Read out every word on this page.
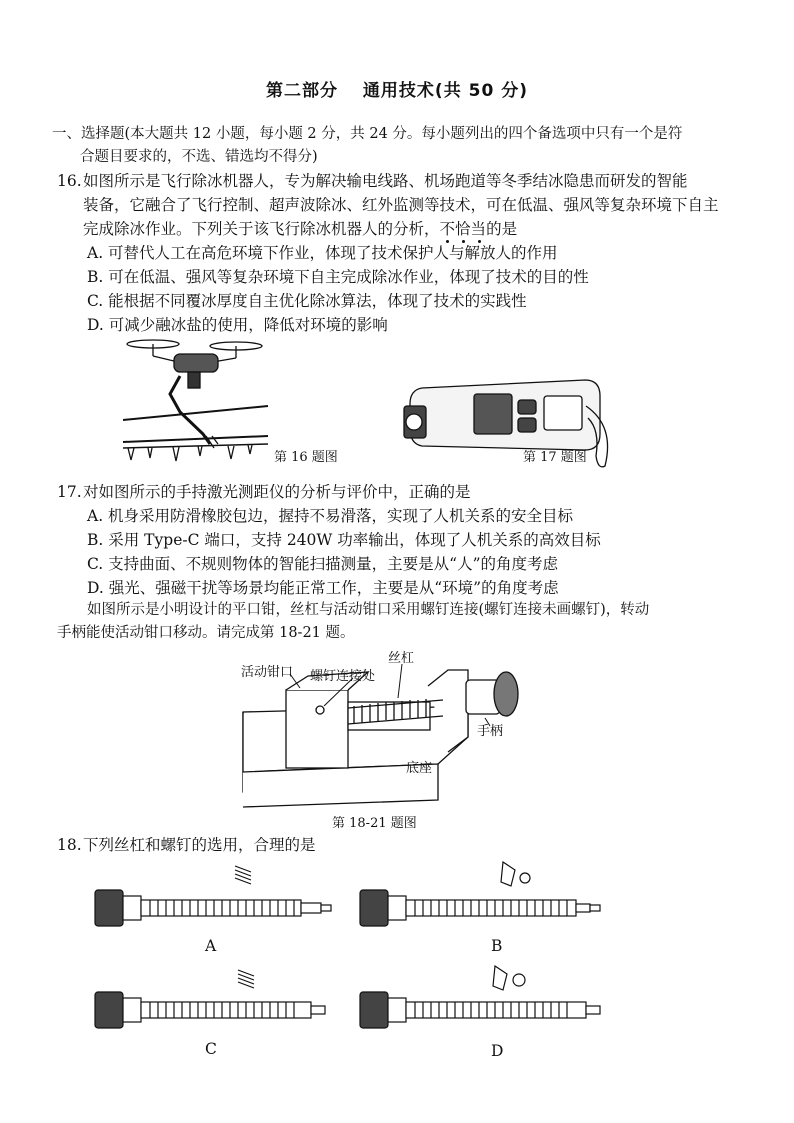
第二部分　 通用技术(共 50 分)
一、选择题(本大题共 12 小题，每小题 2 分，共 24 分。每小题列出的四个备选项中只有一个是符
合题目要求的，不选、错选均不得分)
16. 如图所示是飞行除冰机器人，专为解决输电线路、机场跑道等冬季结冰隐患而研发的智能
装备，它融合了飞行控制、超声波除冰、红外监测等技术，可在低温、强风等复杂环境下自主
完成除冰作业。下列关于该飞行除冰机器人的分析，不恰当的是
A. 可替代人工在高危环境下作业，体现了技术保护人与解放人的作用
B. 可在低温、强风等复杂环境下自主完成除冰作业，体现了技术的目的性
C. 能根据不同覆冰厚度自主优化除冰算法，体现了技术的实践性
D. 可减少融冰盐的使用，降低对环境的影响
第 16 题图	第 17 题图
17. 对如图所示的手持激光测距仪的分析与评价中，正确的是
A. 机身采用防滑橡胶包边，握持不易滑落，实现了人机关系的安全目标
B. 采用 Type-C 端口，支持 240W 功率输出，体现了人机关系的高效目标
C. 支持曲面、不规则物体的智能扫描测量，主要是从“人”的角度考虑
D. 强光、强磁干扰等场景均能正常工作，主要是从“环境”的角度考虑
如图所示是小明设计的平口钳，丝杠与活动钳口采用螺钉连接(螺钉连接未画螺钉)，转动
手柄能使活动钳口移动。请完成第 18-21 题。
活动钳口 螺钉连接处
丝杠
手柄
底座
第 18-21 题图
18. 下列丝杠和螺钉的选用，合理的是
A	B
C	D
